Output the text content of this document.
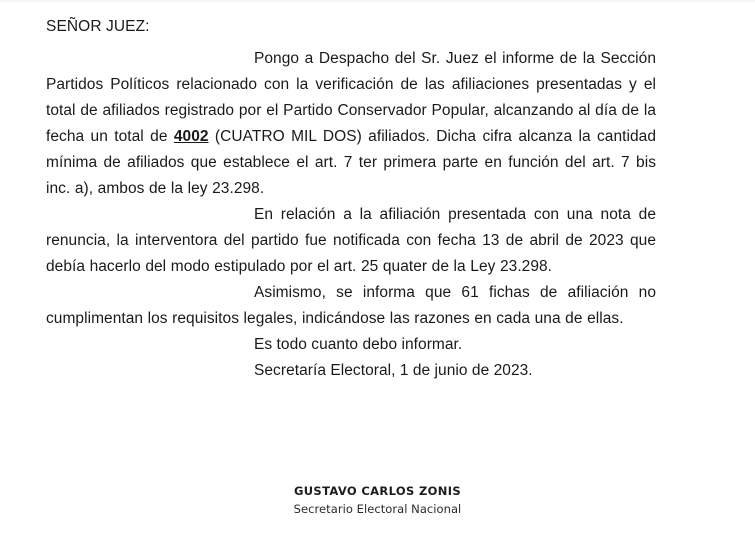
SEÑOR JUEZ:

Pongo a Despacho del Sr. Juez el informe de la Sección Partidos Políticos relacionado con la verificación de las afiliaciones presentadas y el total de afiliados registrado por el Partido Conservador Popular, alcanzando al día de la fecha un total de 4002 (CUATRO MIL DOS) afiliados. Dicha cifra alcanza la cantidad mínima de afiliados que establece el art. 7 ter primera parte en función del art. 7 bis inc. a), ambos de la ley 23.298.

En relación a la afiliación presentada con una nota de renuncia, la interventora del partido fue notificada con fecha 13 de abril de 2023 que debía hacerlo del modo estipulado por el art. 25 quater de la Ley 23.298.

Asimismo, se informa que 61 fichas de afiliación no cumplimentan los requisitos legales, indicándose las razones en cada una de ellas.

Es todo cuanto debo informar.

Secretaría Electoral, 1 de junio de 2023.

GUSTAVO CARLOS ZONIS
Secretario Electoral Nacional
